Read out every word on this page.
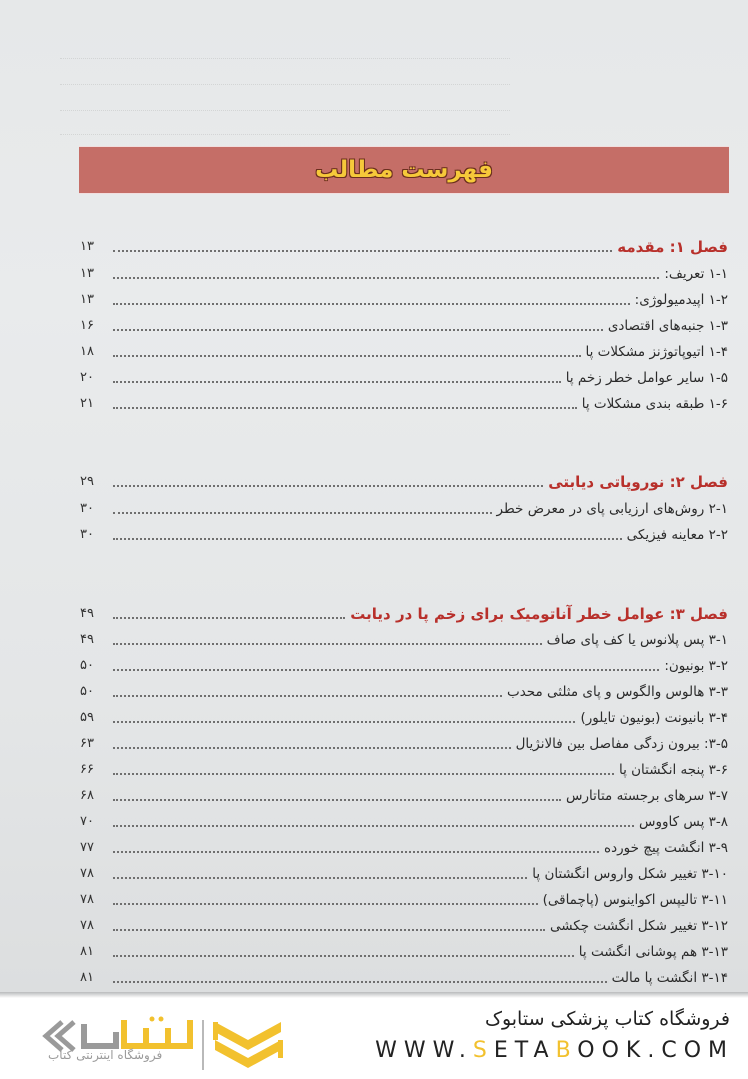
فهرست مطالب
فصل ۱: مقدمه
۱۳
۱-۱ تعریف:
۱۳
۱-۲ اپیدمیولوژی:
۱۳
۱-۳ جنبه‌های اقتصادی
۱۶
۱-۴ اتیوپاتوژنز مشکلات پا
۱۸
۱-۵ سایر عوامل خطر زخم پا
۲۰
۱-۶ طبقه بندی مشکلات پا
۲۱
فصل ۲: نوروپاتی دیابتی
۲۹
۲-۱ روش‌های ارزیابی پای در معرض خطر
۳۰
۲-۲ معاینه فیزیکی
۳۰
فصل ۳: عوامل خطر آناتومیک برای زخم پا در دیابت
۴۹
۳-۱ پس پلانوس یا کف پای صاف
۴۹
۳-۲ بونیون:
۵۰
۳-۳ هالوس والگوس و پای مثلثی محدب
۵۰
۳-۴ بانیونت (بونیون تایلور)
۵۹
۳-۵: بیرون زدگی مفاصل بین فالانژیال
۶۳
۳-۶ پنجه انگشتان پا
۶۶
۳-۷ سرهای برجسته متاتارس
۶۸
۳-۸ پس کاووس
۷۰
۳-۹ انگشت پیچ خورده
۷۷
۳-۱۰ تغییر شکل واروس انگشتان پا
۷۸
۳-۱۱ تالیپس اکواینوس (پاچماقی)
۷۸
۳-۱۲ تغییر شکل انگشت چکشی
۷۸
۳-۱۳ هم پوشانی انگشت پا
۸۱
۳-۱۴ انگشت پا مالت
۸۱
فروشگاه اینترنتی کتاب
فروشگاه کتاب پزشکی ستابوک
WWW.SETABOOK.COM
